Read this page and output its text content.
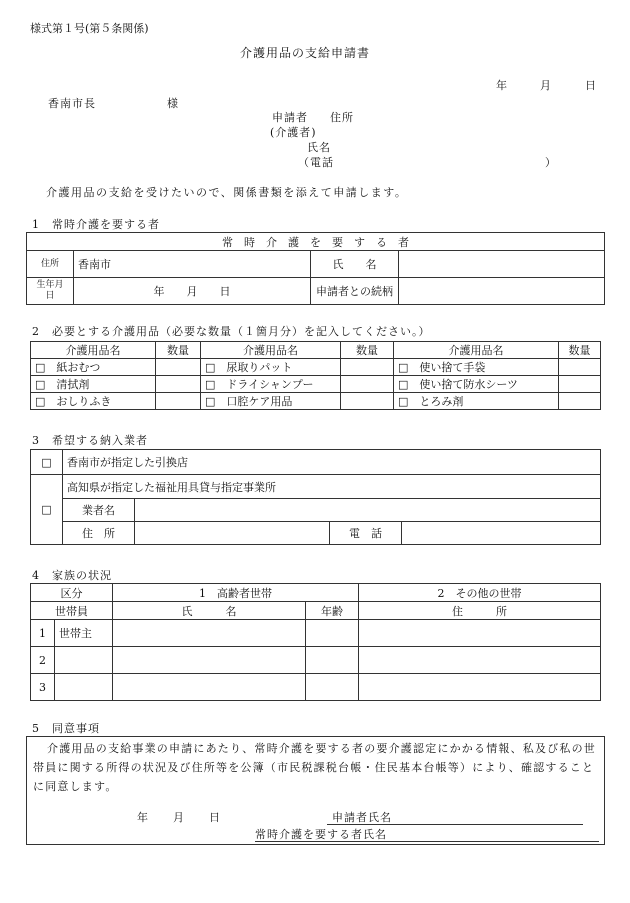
様式第１号(第５条関係)
介護用品の支給申請書
年	月	日
香南市長	様
申請者 住所
(介護者)
氏名
（電話	）
介護用品の支給を受けたいので、関係書類を添えて申請します。
1　常時介護を要する者
常　時　介　護　を　要　す　る　者			
住所	香南市	氏　　名	
生年月日	年　　月　　日	申請者との続柄	
2　必要とする介護用品（必要な数量（１箇月分）を記入してください。）
介護用品名	数量	介護用品名	数量	介護用品名	数量
□　紙おむつ		□　尿取りパット		□　使い捨て手袋	
□　清拭剤		□　ドライシャンプー		□　使い捨て防水シーツ	
□　おしりふき		□　口腔ケア用品		□　とろみ剤	
3　希望する納入業者
□	香南市が指定した引換店			
□	高知県が指定した福祉用具貸与指定事業所			
	業者名			
	住　所		電　話	
4　家族の状況
区分		1　高齢者世帯		2　その他の世帯
世帯員		氏　　　名	年齢	住　　　所
1	世帯主			
2				
3				
5　同意事項
介護用品の支給事業の申請にあたり、常時介護を要する者の要介護認定にかかる情報、私及び私の世帯員に関する所得の状況及び住所等を公簿（市民税課税台帳・住民基本台帳等）により、確認することに同意します。
年　　月　　日	申請者氏名
常時介護を要する者氏名
